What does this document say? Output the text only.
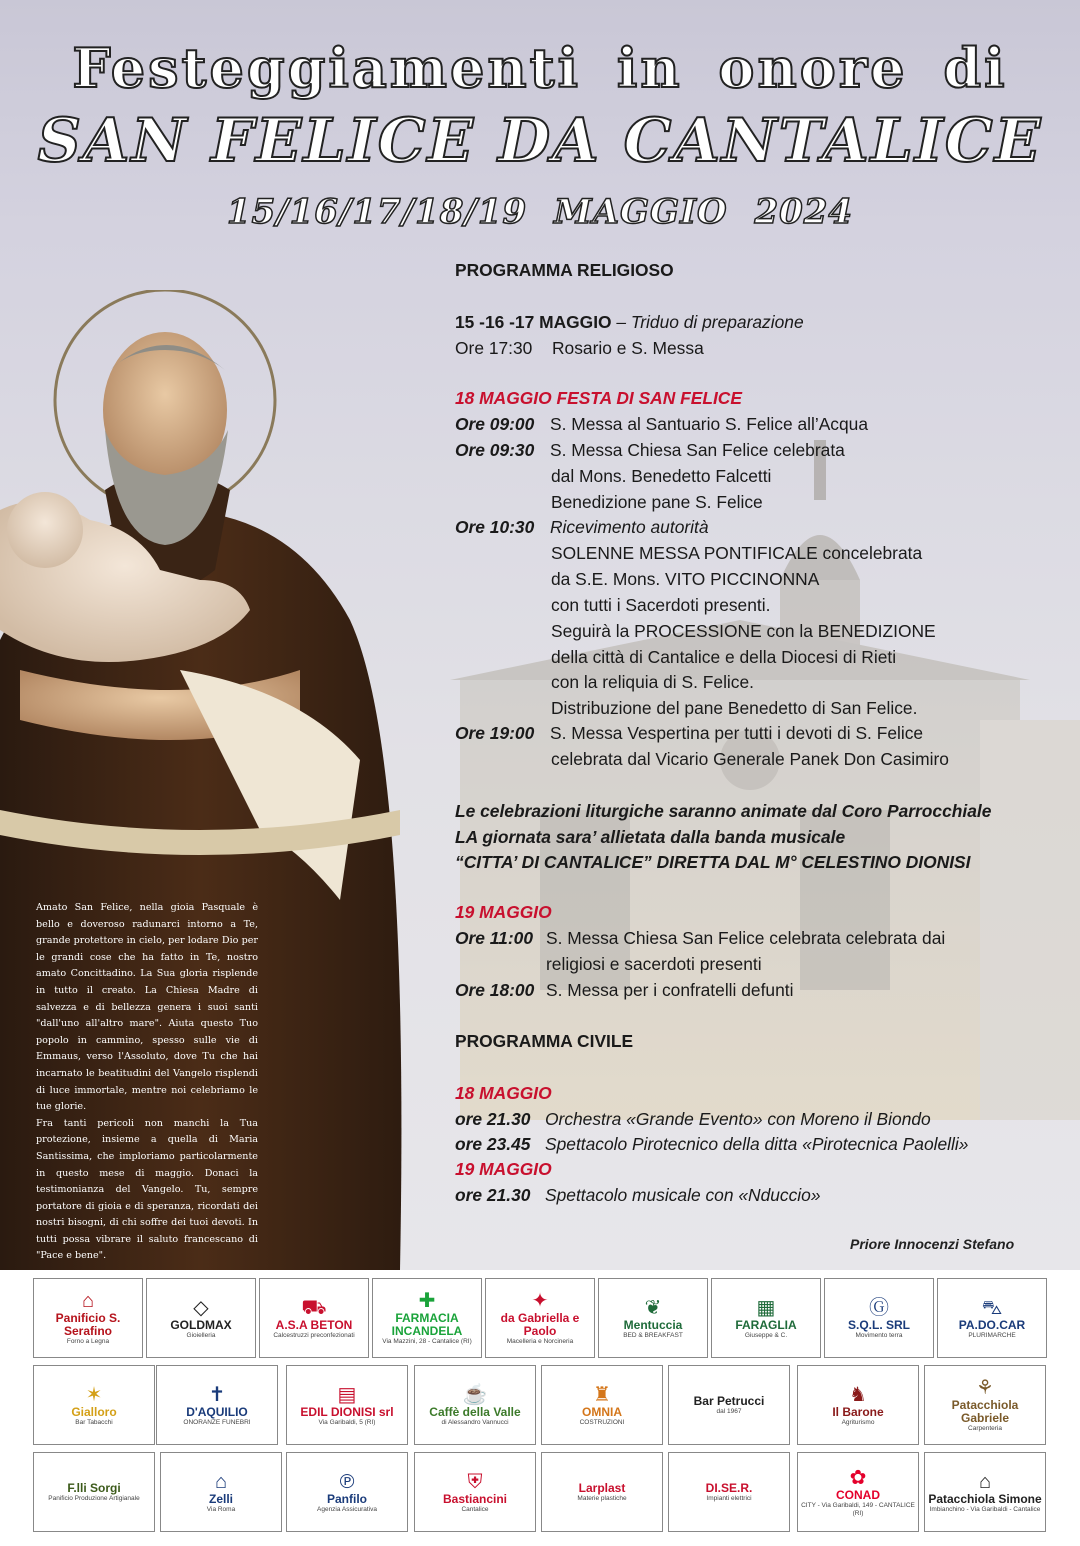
Festeggiamenti in onore di
SAN FELICE DA CANTALICE
15/16/17/18/19 MAGGIO 2024

Amato San Felice, nella gioia Pasquale è bello e doveroso radunarci intorno a Te, grande protettore in cielo, per lodare Dio per le grandi cose che ha fatto in Te, nostro amato Concittadino. La Sua gloria risplende in tutto il creato. La Chiesa Madre di salvezza e di bellezza genera i suoi santi "dall'uno all'altro mare". Aiuta questo Tuo popolo in cammino, spesso sulle vie di Emmaus, verso l'Assoluto, dove Tu che hai incarnato le beatitudini del Vangelo risplendi di luce immortale, mentre noi celebriamo le tue glorie.

Fra tanti pericoli non manchi la Tua protezione, insieme a quella di Maria Santissima, che imploriamo particolarmente in questo mese di maggio. Donaci la testimonianza del Vangelo. Tu, sempre portatore di gioia e di speranza, ricordati dei nostri bisogni, di chi soffre dei tuoi devoti. In tutti possa vibrare il saluto francescano di "Pace e bene".

PROGRAMMA RELIGIOSO
15 -16 -17 MAGGIO – Triduo di preparazione
Ore 17:30 Rosario e S. Messa
18 MAGGIO FESTA DI SAN FELICE
Ore 09:00 S. Messa al Santuario S. Felice all’Acqua
Ore 09:30 S. Messa Chiesa San Felice celebrata
dal Mons. Benedetto Falcetti
Benedizione pane S. Felice
Ore 10:30 Ricevimento autorità
SOLENNE MESSA PONTIFICALE concelebrata
da S.E. Mons. VITO PICCINONNA
con tutti i Sacerdoti presenti.
Seguirà la PROCESSIONE con la BENEDIZIONE
della città di Cantalice e della Diocesi di Rieti
con la reliquia di S. Felice.
Distribuzione del pane Benedetto di San Felice.
Ore 19:00 S. Messa Vespertina per tutti i devoti di S. Felice
celebrata dal Vicario Generale Panek Don Casimiro
Le celebrazioni liturgiche saranno animate dal Coro Parrocchiale
LA giornata sara’ allietata dalla banda musicale
“CITTA’ DI CANTALICE” DIRETTA DAL M° CELESTINO DIONISI
19 MAGGIO
Ore 11:00 S. Messa Chiesa San Felice celebrata celebrata dai
religiosi e sacerdoti presenti
Ore 18:00 S. Messa per i confratelli defunti
PROGRAMMA CIVILE
18 MAGGIO
ore 21.30 Orchestra «Grande Evento» con Moreno il Biondo
ore 23.45 Spettacolo Pirotecnico della ditta «Pirotecnica Paolelli»
19 MAGGIO
ore 21.30 Spettacolo musicale con «Nduccio»
Priore Innocenzi Stefano
⌂
Panificio S. Serafino
Forno a Legna
◇
GOLDMAX
Gioielleria
⛟
A.S.A BETON
Calcestruzzi preconfezionati
✚
FARMACIA INCANDELA
Via Mazzini, 28 - Cantalice (RI)
✦
da Gabriella e Paolo
Macelleria e Norcineria
❦
Mentuccia
BED & BREAKFAST
▦
FARAGLIA
Giuseppe & C.
Ⓖ
S.Q.L. SRL
Movimento terra
⛍
PA.DO.CAR
PLURIMARCHE
✶
Gialloro
Bar Tabacchi
✝
D'AQUILIO
ONORANZE FUNEBRI
▤
EDIL DIONISI srl
Via Garibaldi, 5 (RI)
☕
Caffè della Valle
di Alessandro Vannucci
♜
OMNIA
COSTRUZIONI
Bar Petrucci
dal 1967
♞
Il Barone
Agriturismo
⚘
Patacchiola Gabriele
Carpenteria
F.lli Sorgi
Panificio Produzione Artigianale
⌂
Zelli
Via Roma
℗
Panfilo
Agenzia Assicurativa
⛨
Bastiancini
Cantalice
Larplast
Materie plastiche
DI.SE.R.
Impianti elettrici
✿
CONAD
CITY - Via Garibaldi, 149 - CANTALICE (RI)
⌂
Patacchiola Simone
Imbianchino - Via Garibaldi - Cantalice
